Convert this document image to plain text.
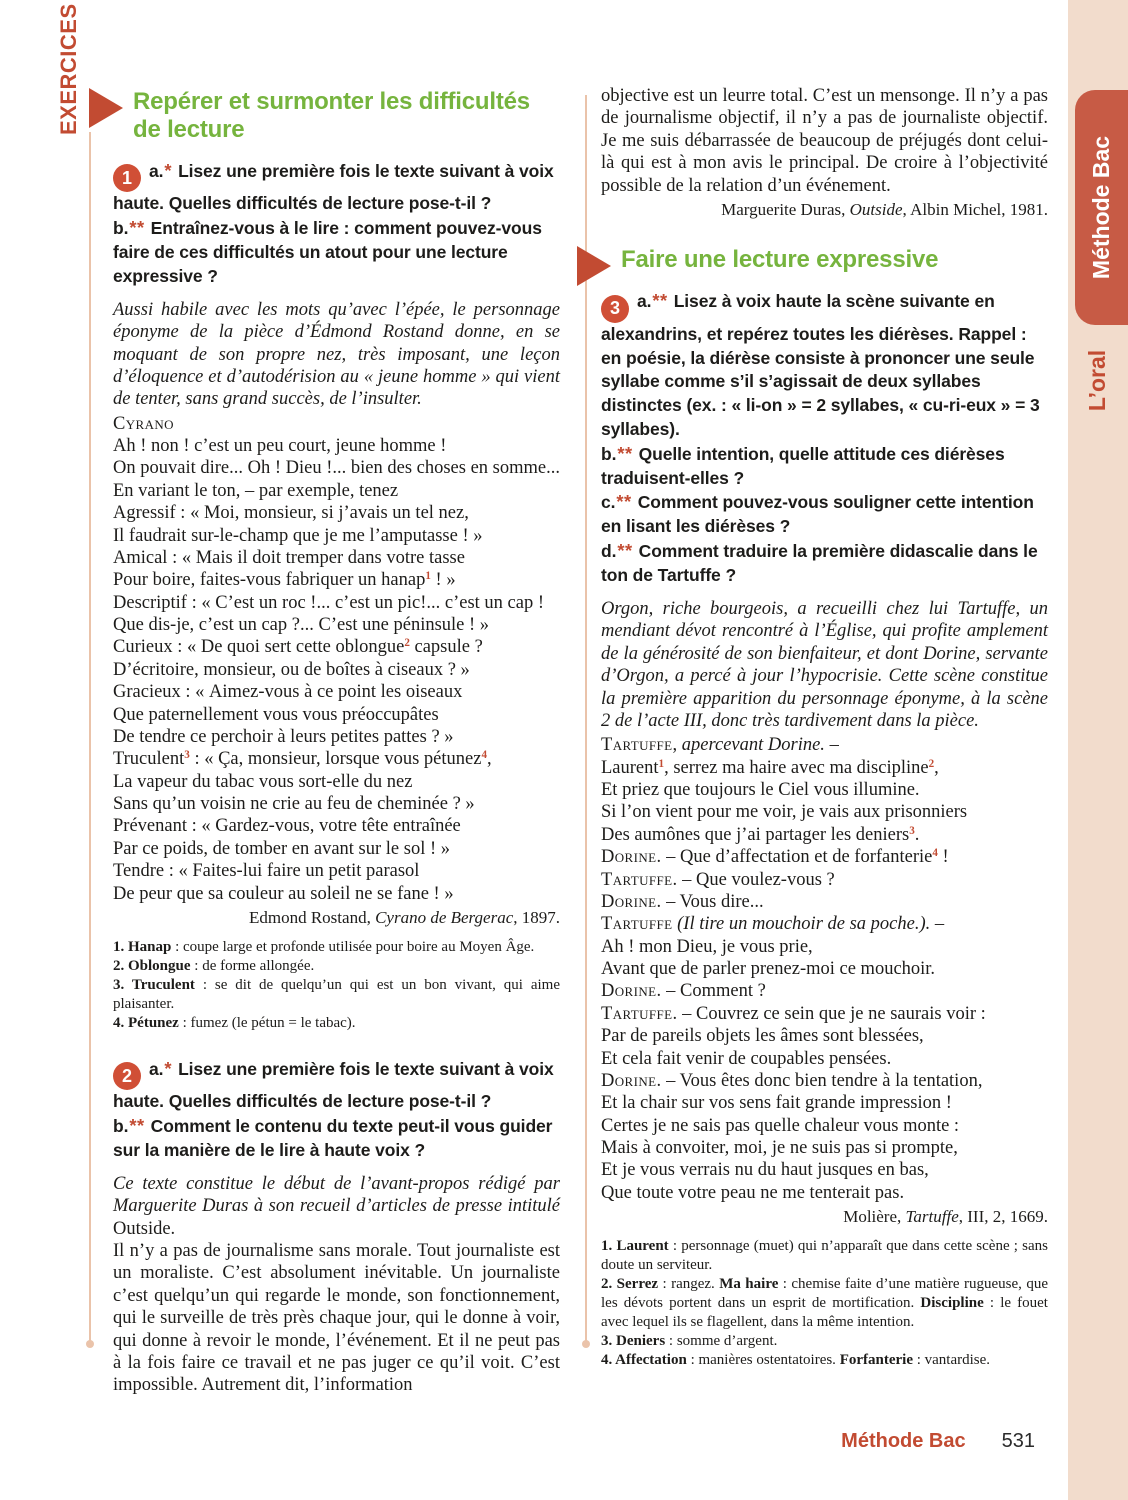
EXERCICES
Méthode Bac
L’oral
Repérer et surmonter les difficultés de lecture

1 a.* Lisez une première fois le texte suivant à voix haute. Quelles difficultés de lecture pose-t-il ?

b.** Entraînez-vous à le lire : comment pouvez-vous faire de ces difficultés un atout pour une lecture expressive ?

Aussi habile avec les mots qu’avec l’épée, le personnage éponyme de la pièce d’Édmond Rostand donne, en se moquant de son propre nez, très imposant, une leçon d’éloquence et d’autodérision au « jeune homme » qui vient de tenter, sans grand succès, de l’insulter.

Cyrano

Ah ! non ! c’est un peu court, jeune homme !

On pouvait dire... Oh ! Dieu !... bien des choses en somme...

En variant le ton, – par exemple, tenez

Agressif : « Moi, monsieur, si j’avais un tel nez,

Il faudrait sur-le-champ que je me l’amputasse ! »

Amical : « Mais il doit tremper dans votre tasse

Pour boire, faites-vous fabriquer un hanap$^1$ ! »

Descriptif : « C’est un roc !... c’est un pic!... c’est un cap !

Que dis-je, c’est un cap ?... C’est une péninsule ! »

Curieux : « De quoi sert cette oblongue$^2$ capsule ?

D’écritoire, monsieur, ou de boîtes à ciseaux ? »

Gracieux : « Aimez-vous à ce point les oiseaux

Que paternellement vous vous préoccupâtes

De tendre ce perchoir à leurs petites pattes ? »

Truculent$^3$ : « Ça, monsieur, lorsque vous pétunez$^4$,

La vapeur du tabac vous sort-elle du nez

Sans qu’un voisin ne crie au feu de cheminée ? »

Prévenant : « Gardez-vous, votre tête entraînée

Par ce poids, de tomber en avant sur le sol ! »

Tendre : « Faites-lui faire un petit parasol

De peur que sa couleur au soleil ne se fane ! »

Edmond Rostand, Cyrano de Bergerac, 1897.

1. Hanap : coupe large et profonde utilisée pour boire au Moyen Âge.

2. Oblongue : de forme allongée.

3. Truculent : se dit de quelqu’un qui est un bon vivant, qui aime plaisanter.

4. Pétunez : fumez (le pétun = le tabac).

2 a.* Lisez une première fois le texte suivant à voix haute. Quelles difficultés de lecture pose-t-il ?

b.** Comment le contenu du texte peut-il vous guider sur la manière de le lire à haute voix ?

Ce texte constitue le début de l’avant-propos rédigé par Marguerite Duras à son recueil d’articles de presse intitulé Outside.

Il n’y a pas de journalisme sans morale. Tout journaliste est un moraliste. C’est absolument inévitable. Un journaliste c’est quelqu’un qui regarde le monde, son fonctionnement, qui le surveille de très près chaque jour, qui le donne à voir, qui donne à revoir le monde, l’événement. Et il ne peut pas à la fois faire ce travail et ne pas juger ce qu’il voit. C’est impossible. Autrement dit, l’information

objective est un leurre total. C’est un mensonge. Il n’y a pas de journalisme objectif, il n’y a pas de journaliste objectif. Je me suis débarrassée de beaucoup de préjugés dont celui-là qui est à mon avis le principal. De croire à l’objectivité possible de la relation d’un événement.

Marguerite Duras, Outside, Albin Michel, 1981.

Faire une lecture expressive

3 a.** Lisez à voix haute la scène suivante en alexandrins, et repérez toutes les diérèses. Rappel : en poésie, la diérèse consiste à prononcer une seule syllabe comme s’il s’agissait de deux syllabes distinctes (ex. : « li-on » = 2 syllabes, « cu-ri-eux » = 3 syllabes).

b.** Quelle intention, quelle attitude ces diérèses traduisent-elles ?

c.** Comment pouvez-vous souligner cette intention en lisant les diérèses ?

d.** Comment traduire la première didascalie dans le ton de Tartuffe ?

Orgon, riche bourgeois, a recueilli chez lui Tartuffe, un mendiant dévot rencontré à l’Église, qui profite amplement de la générosité de son bienfaiteur, et dont Dorine, servante d’Orgon, a percé à jour l’hypocrisie. Cette scène constitue la première apparition du personnage éponyme, à la scène 2 de l’acte III, donc très tardivement dans la pièce.

Tartuffe, apercevant Dorine. –

Laurent$^1$, serrez ma haire avec ma discipline$^2$,

Et priez que toujours le Ciel vous illumine.

Si l’on vient pour me voir, je vais aux prisonniers

Des aumônes que j’ai partager les deniers$^3$.

Dorine. – Que d’affectation et de forfanterie$^4$ !

Tartuffe. – Que voulez-vous ?

Dorine. – Vous dire...

Tartuffe (Il tire un mouchoir de sa poche.). –

Ah ! mon Dieu, je vous prie,

Avant que de parler prenez-moi ce mouchoir.

Dorine. – Comment ?

Tartuffe. – Couvrez ce sein que je ne saurais voir :

Par de pareils objets les âmes sont blessées,

Et cela fait venir de coupables pensées.

Dorine. – Vous êtes donc bien tendre à la tentation,

Et la chair sur vos sens fait grande impression !

Certes je ne sais pas quelle chaleur vous monte :

Mais à convoiter, moi, je ne suis pas si prompte,

Et je vous verrais nu du haut jusques en bas,

Que toute votre peau ne me tenterait pas.

Molière, Tartuffe, III, 2, 1669.

1. Laurent : personnage (muet) qui n’apparaît que dans cette scène ; sans doute un serviteur.

2. Serrez : rangez. Ma haire : chemise faite d’une matière rugueuse, que les dévots portent dans un esprit de mortification. Discipline : le fouet avec lequel ils se flagellent, dans la même intention.

3. Deniers : somme d’argent.

4. Affectation : manières ostentatoires. Forfanterie : vantardise.

Méthode Bac 531
